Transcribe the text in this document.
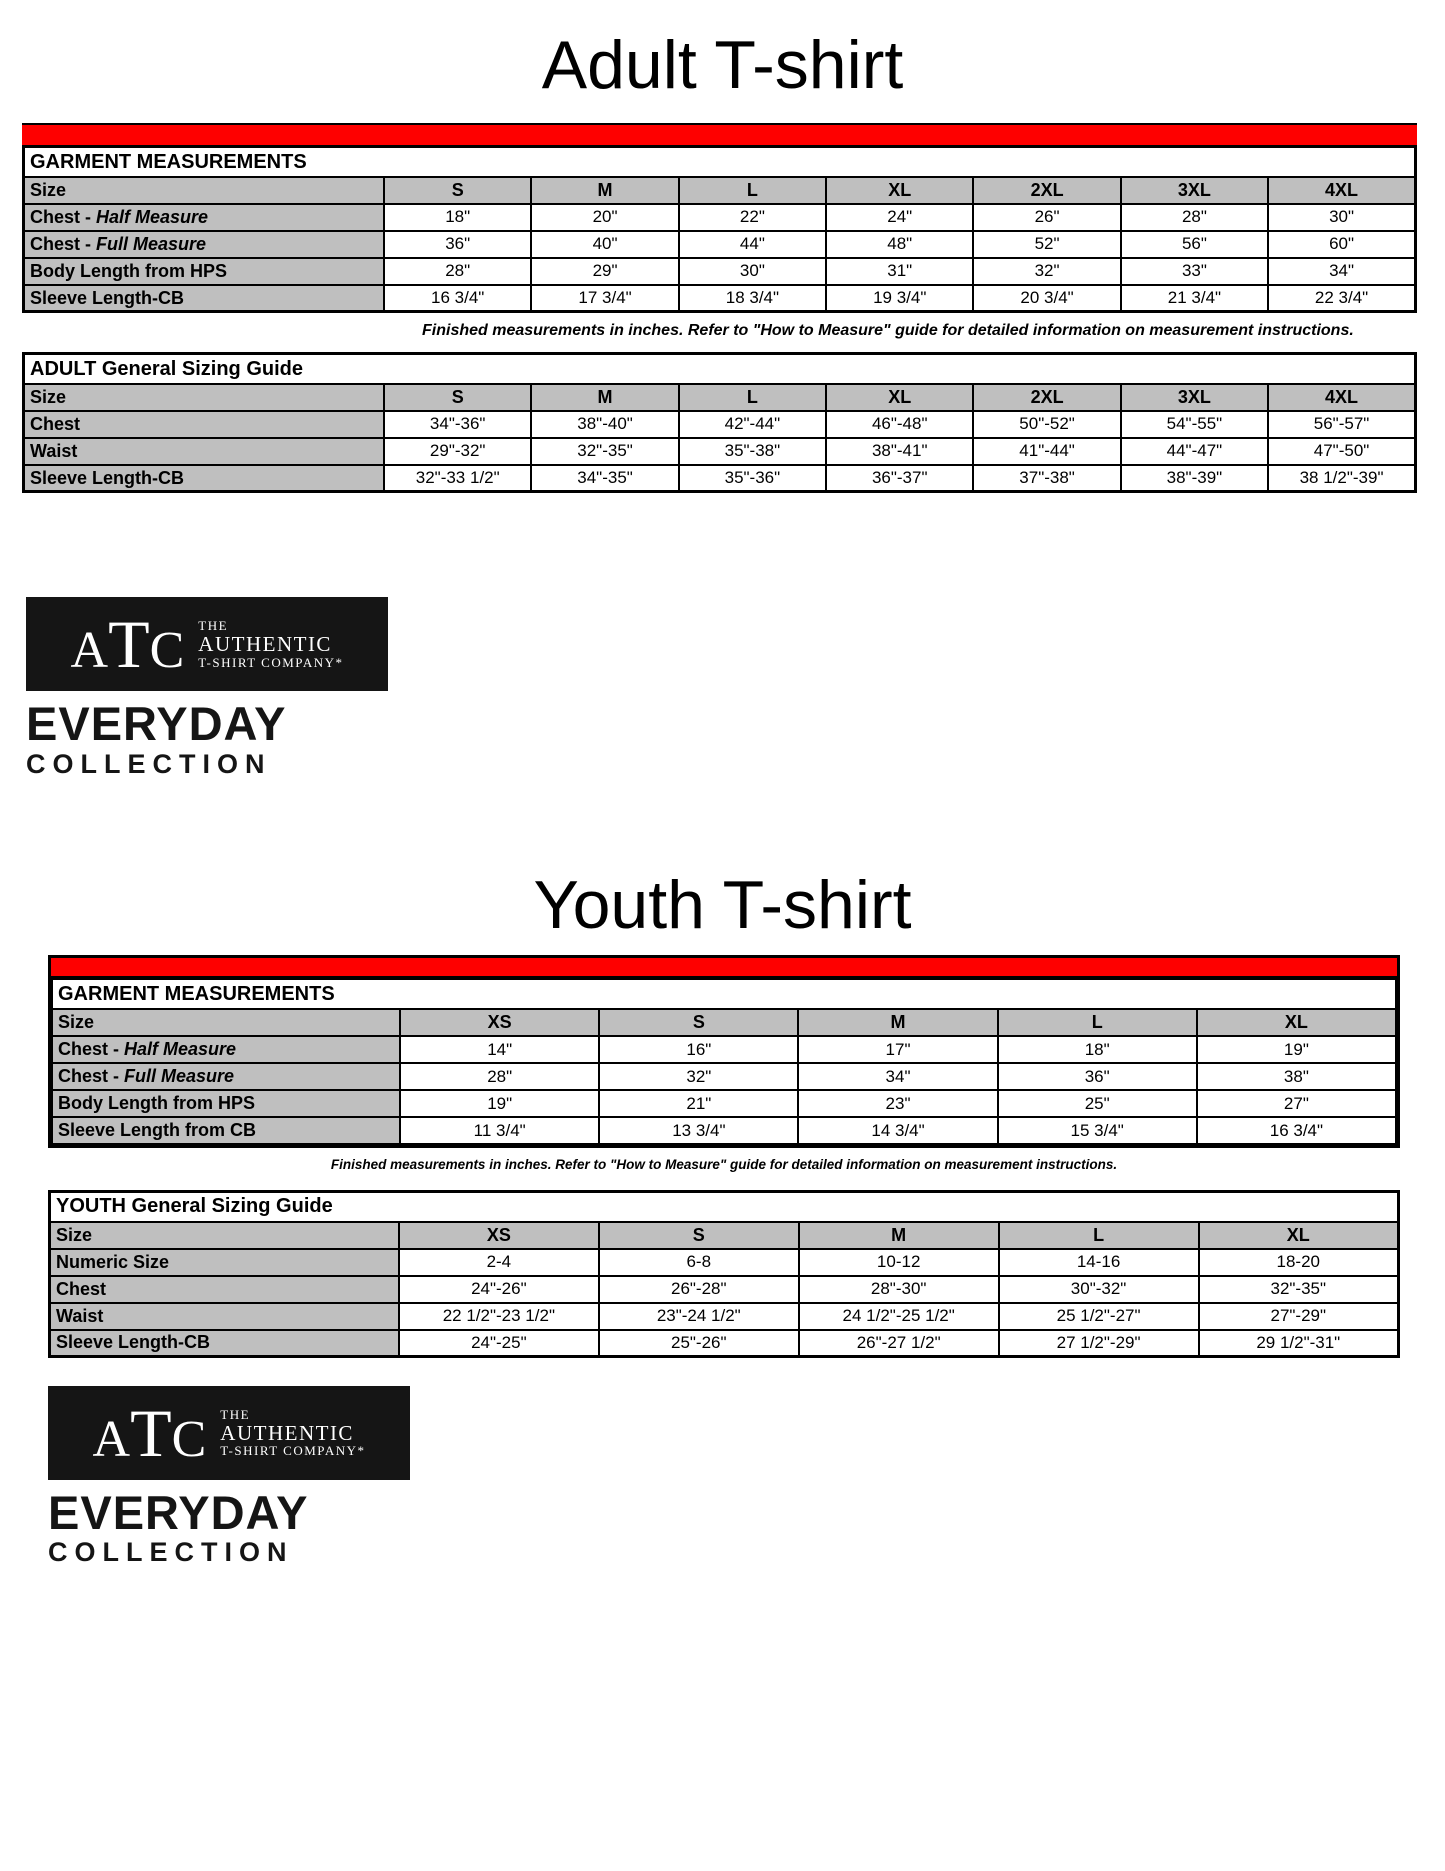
Adult T-shirt
GARMENT MEASUREMENTS							
Size	S	M	L	XL	2XL	3XL	4XL
Chest - Half Measure	18"	20"	22"	24"	26"	28"	30"
Chest - Full Measure	36"	40"	44"	48"	52"	56"	60"
Body Length from HPS	28"	29"	30"	31"	32"	33"	34"
Sleeve Length-CB	16 3/4"	17 3/4"	18 3/4"	19 3/4"	20 3/4"	21 3/4"	22 3/4"
Finished measurements in inches. Refer to "How to Measure" guide for detailed information on measurement instructions.
ADULT General Sizing Guide							
Size	S	M	L	XL	2XL	3XL	4XL
Chest	34"-36"	38"-40"	42"-44"	46"-48"	50"-52"	54"-55"	56"-57"
Waist	29"-32"	32"-35"	35"-38"	38"-41"	41"-44"	44"-47"	47"-50"
Sleeve Length-CB	32"-33 1/2"	34"-35"	35"-36"	36"-37"	37"-38"	38"-39"	38 1/2"-39"
A T C THE
AUTHENTIC
T-SHIRT COMPANY*
EVERYDAY
COLLECTION
Youth T-shirt
GARMENT MEASUREMENTS					
Size	XS	S	M	L	XL
Chest - Half Measure	14"	16"	17"	18"	19"
Chest - Full Measure	28"	32"	34"	36"	38"
Body Length from HPS	19"	21"	23"	25"	27"
Sleeve Length from CB	11 3/4"	13 3/4"	14 3/4"	15 3/4"	16 3/4"
Finished measurements in inches. Refer to "How to Measure" guide for detailed information on measurement instructions.
YOUTH General Sizing Guide					
Size	XS	S	M	L	XL
Numeric Size	2-4	6-8	10-12	14-16	18-20
Chest	24"-26"	26"-28"	28"-30"	30"-32"	32"-35"
Waist	22 1/2"-23 1/2"	23"-24 1/2"	24 1/2"-25 1/2"	25 1/2"-27"	27"-29"
Sleeve Length-CB	24"-25"	25"-26"	26"-27 1/2"	27 1/2"-29"	29 1/2"-31"
A T C THE
AUTHENTIC
T-SHIRT COMPANY*
EVERYDAY
COLLECTION
